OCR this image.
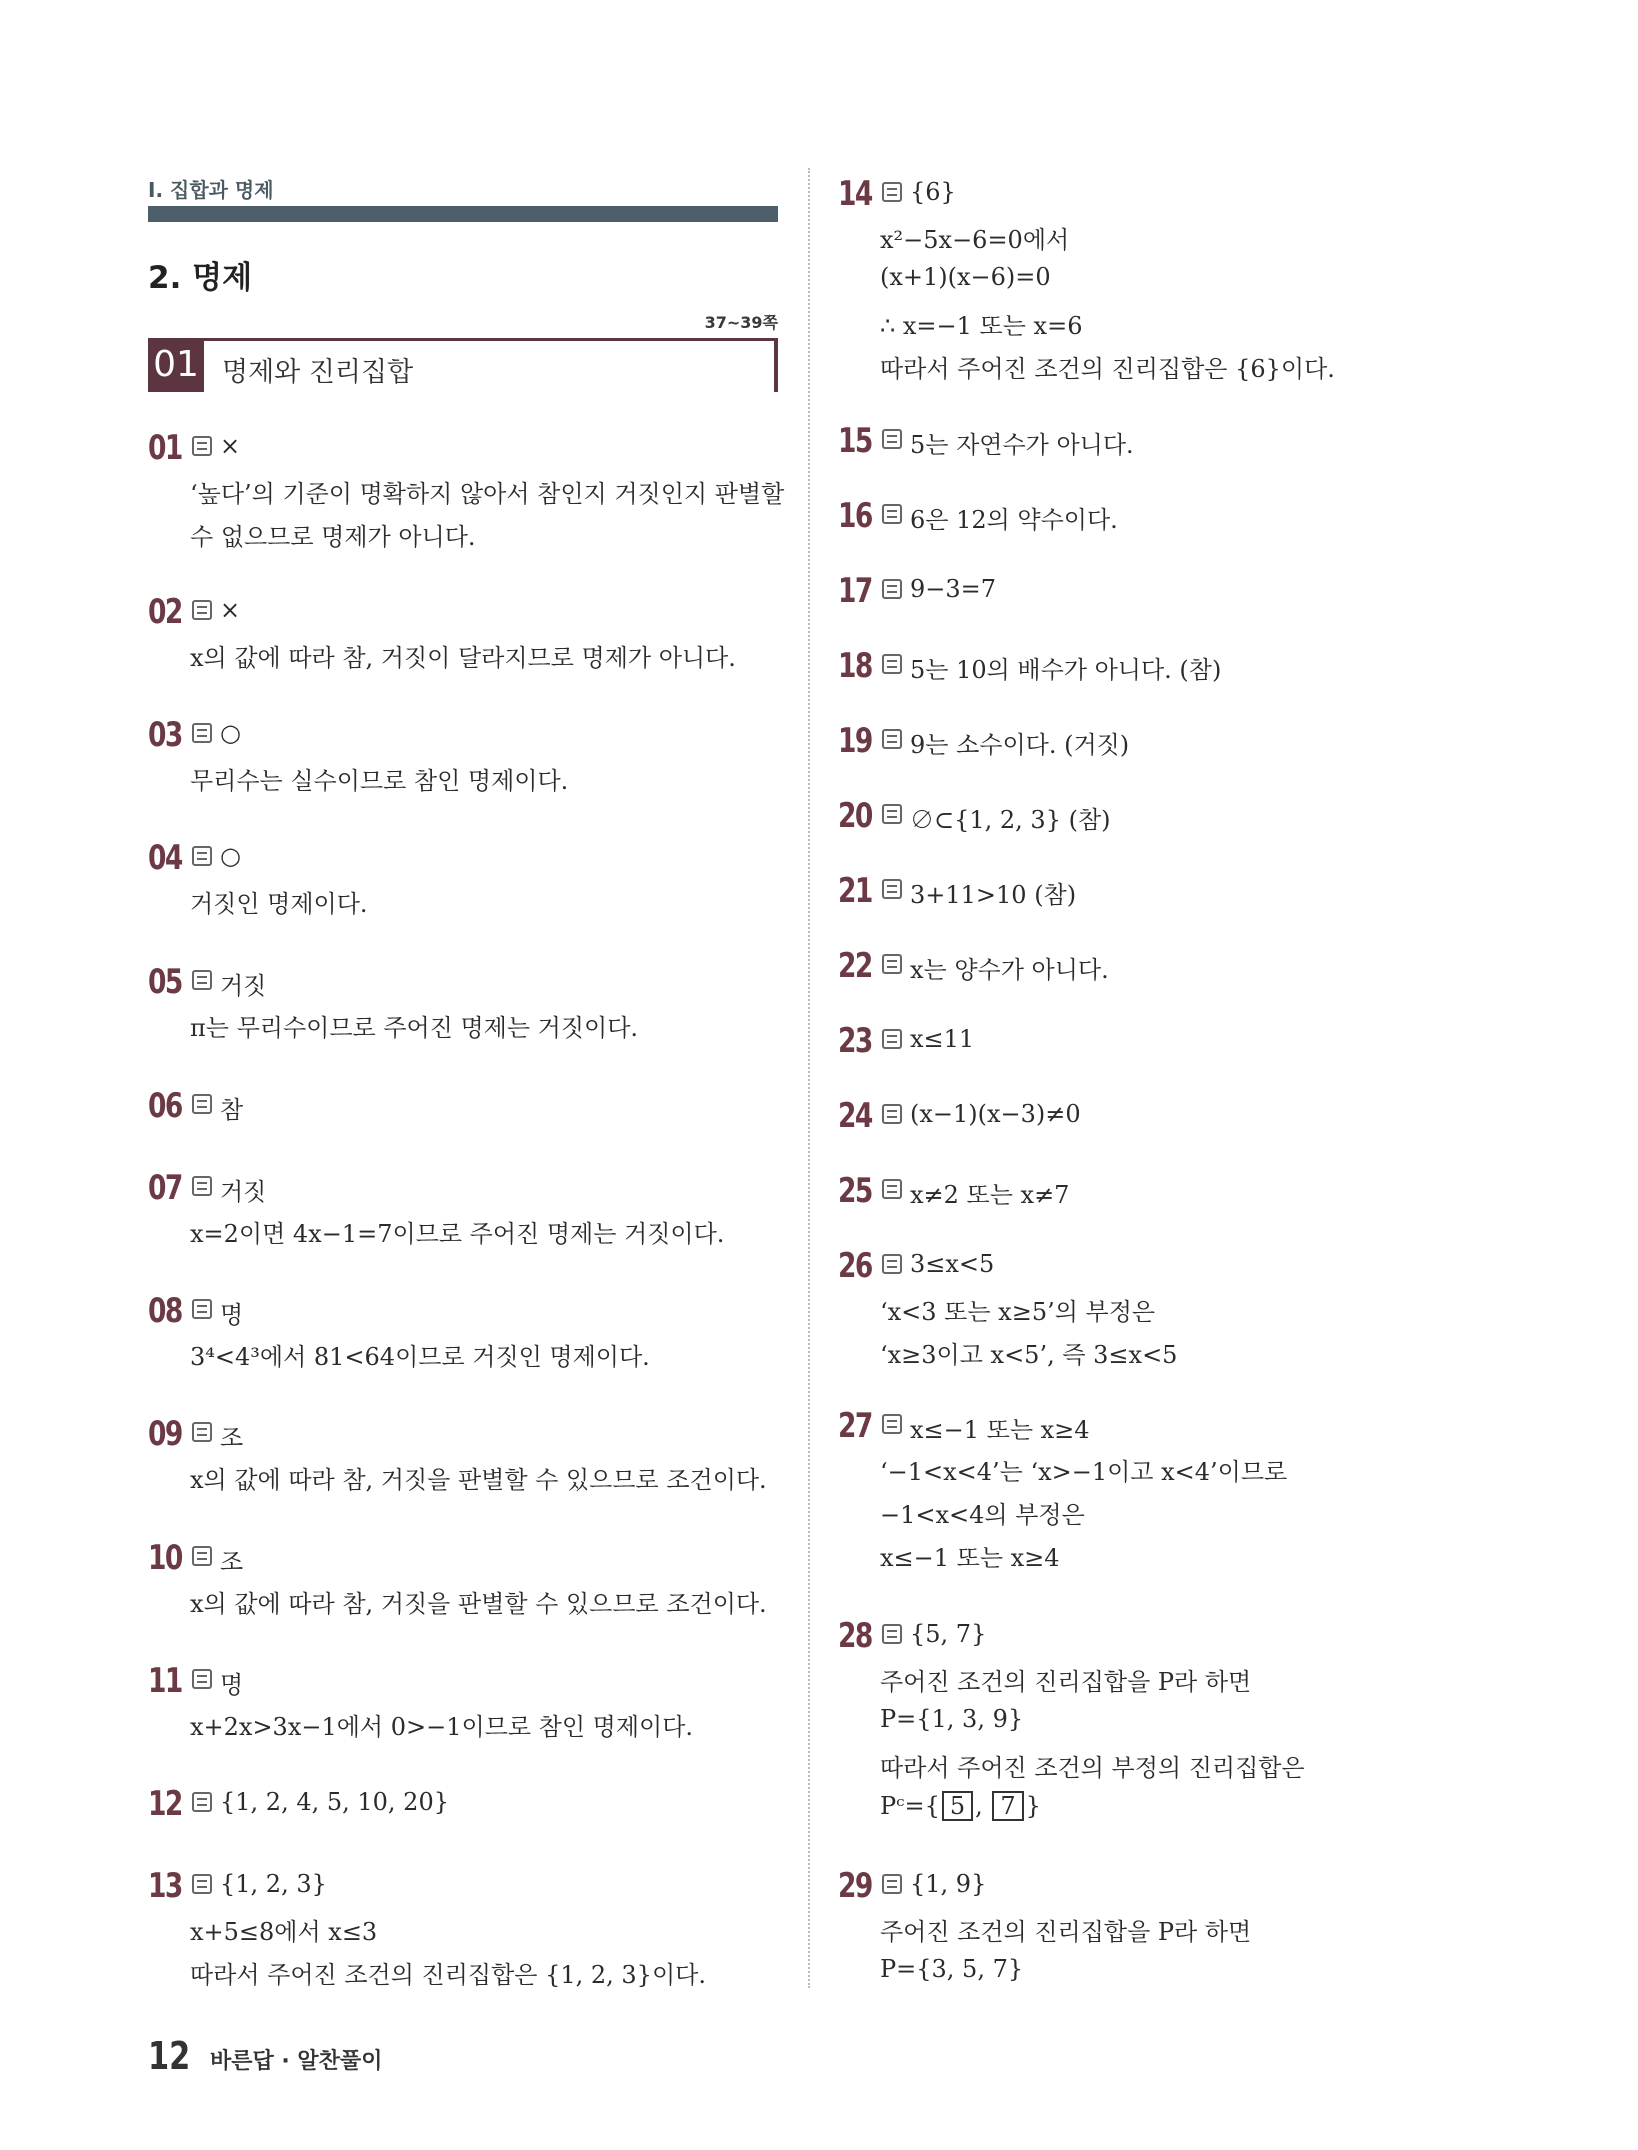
I. 집합과 명제
2. 명제
37~39쪽
01 명제와 진리집합
01 ×
‘높다’의 기준이 명확하지 않아서 참인지 거짓인지 판별할
수 없으므로 명제가 아니다.
02 ×
x의 값에 따라 참, 거짓이 달라지므로 명제가 아니다.
03 ○
무리수는 실수이므로 참인 명제이다.
04 ○
거짓인 명제이다.
05 거짓
π는 무리수이므로 주어진 명제는 거짓이다.
06 참
07 거짓
x=2이면 4x−1=7이므로 주어진 명제는 거짓이다.
08 명
3⁴<4³에서 81<64이므로 거짓인 명제이다.
09 조
x의 값에 따라 참, 거짓을 판별할 수 있으므로 조건이다.
10 조
x의 값에 따라 참, 거짓을 판별할 수 있으므로 조건이다.
11 명
x+2x>3x−1에서 0>−1이므로 참인 명제이다.
12 {1, 2, 4, 5, 10, 20}
13 {1, 2, 3}
x+5≤8에서 x≤3
따라서 주어진 조건의 진리집합은 {1, 2, 3}이다.
14 {6}
x²−5x−6=0에서
(x+1)(x−6)=0
∴ x=−1 또는 x=6
따라서 주어진 조건의 진리집합은 {6}이다.
15 5는 자연수가 아니다.
16 6은 12의 약수이다.
17 9−3=7
18 5는 10의 배수가 아니다. (참)
19 9는 소수이다. (거짓)
20 ∅⊂{1, 2, 3} (참)
21 3+11>10 (참)
22 x는 양수가 아니다.
23 x≤11
24 (x−1)(x−3)≠0
25 x≠2 또는 x≠7
26 3≤x<5
‘x<3 또는 x≥5’의 부정은
‘x≥3이고 x<5’, 즉 3≤x<5
27 x≤−1 또는 x≥4
‘−1<x<4’는 ‘x>−1이고 x<4’이므로
−1<x<4의 부정은
x≤−1 또는 x≥4
28 {5, 7}
주어진 조건의 진리집합을 P라 하면
P={1, 3, 9}
따라서 주어진 조건의 부정의 진리집합은
Pᶜ={ 5 , 7 }
29 {1, 9}
주어진 조건의 진리집합을 P라 하면
P={3, 5, 7}
12 바른답 · 알찬풀이
